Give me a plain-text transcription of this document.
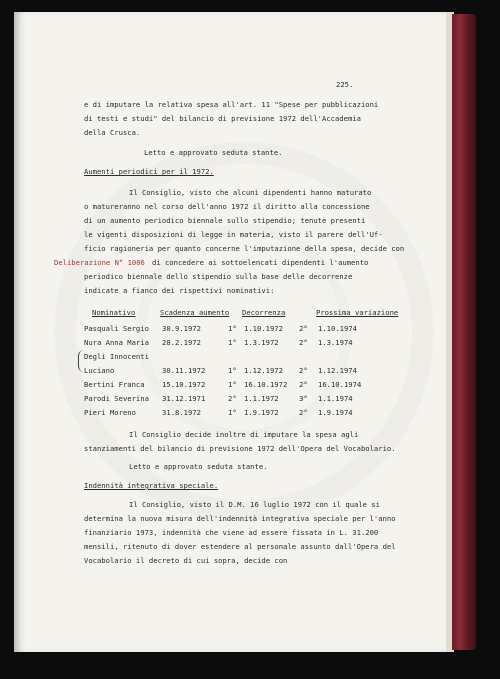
225.
e di imputare la relativa spesa all'art. 11 "Spese per pubblicazioni
di testi e studi" del bilancio di previsione 1972 dell'Accademia
della Crusca.
Letto e approvato seduta stante.
Aumenti periodici per il 1972.
Il Consiglio, visto che alcuni dipendenti hanno maturato
o matureranno nel corso dell'anno 1972 il diritto alla concessione
di un aumento periodico biennale sullo stipendio; tenute presenti
le vigenti disposizioni di legge in materia, visto il parere dell'Uf-
ficio ragioneria per quanto concerne l'imputazione della spesa, decide con
Deliberazione N° 1006 di concedere ai sottoelencati dipendenti l'aumento
periodico biennale dello stipendio sulla base delle decorrenze
indicate a fianco dei rispettivi nominativi:
Nominativo	Scadenza aumento Decorrenza	Prossima variazione
Pasquali Sergio 30.9.1972	1° 1.10.1972 2° 1.10.1974
Nura Anna Maria 28.2.1972	1° 1.3.1972	2° 1.3.1974
Degli Innocenti
Luciano	30.11.1972	1° 1.12.1972 2° 1.12.1974
Bertini Franca 15.10.1972	1° 16.10.1972 2° 16.10.1974
Parodi Severina 31.12.1971	2° 1.1.1972	3° 1.1.1974
Pieri Moreno	31.8.1972	1° 1.9.1972	2° 1.9.1974
Il Consiglio decide inoltre di imputare la spesa agli
stanziamenti del bilancio di previsione 1972 dell'Opera del Vocabolario.
Letto e approvato seduta stante.
Indennità integrativa speciale.
Il Consiglio, visto il D.M. 16 luglio 1972 con il quale si
determina la nuova misura dell'indennità integrativa speciale per l'anno
finanziario 1973, indennità che viene ad essere fissata in L. 31.200
mensili, ritenuto di dover estendere al personale assunto dall'Opera del
Vocabolario il decreto di cui sopra, decide con
